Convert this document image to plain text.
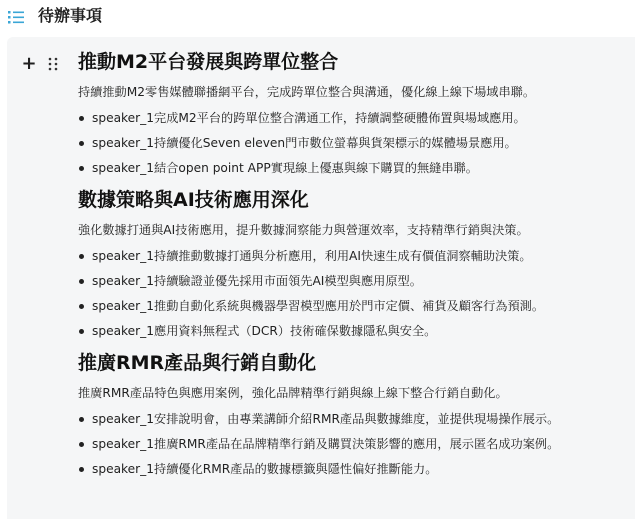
待辦事項
+ 推動M2平台發展與跨單位整合
持續推動M2零售媒體聯播網平台，完成跨單位整合與溝通，優化線上線下場域串聯。
speaker_1完成M2平台的跨單位整合溝通工作，持續調整硬體佈置與場域應用。
speaker_1持續優化Seven eleven門市數位螢幕與貨架標示的媒體場景應用。
speaker_1結合open point APP實現線上優惠與線下購買的無縫串聯。
數據策略與AI技術應用深化
強化數據打通與AI技術應用，提升數據洞察能力與營運效率，支持精準行銷與決策。
speaker_1持續推動數據打通與分析應用，利用AI快速生成有價值洞察輔助決策。
speaker_1持續驗證並優先採用市面領先AI模型與應用原型。
speaker_1推動自動化系統與機器學習模型應用於門市定價、補貨及顧客行為預測。
speaker_1應用資料無程式（DCR）技術確保數據隱私與安全。
推廣RMR產品與行銷自動化
推廣RMR產品特色與應用案例，強化品牌精準行銷與線上線下整合行銷自動化。
speaker_1安排說明會，由專業講師介紹RMR產品與數據維度，並提供現場操作展示。
speaker_1推廣RMR產品在品牌精準行銷及購買決策影響的應用，展示匿名成功案例。
speaker_1持續優化RMR產品的數據標籤與隱性偏好推斷能力。
